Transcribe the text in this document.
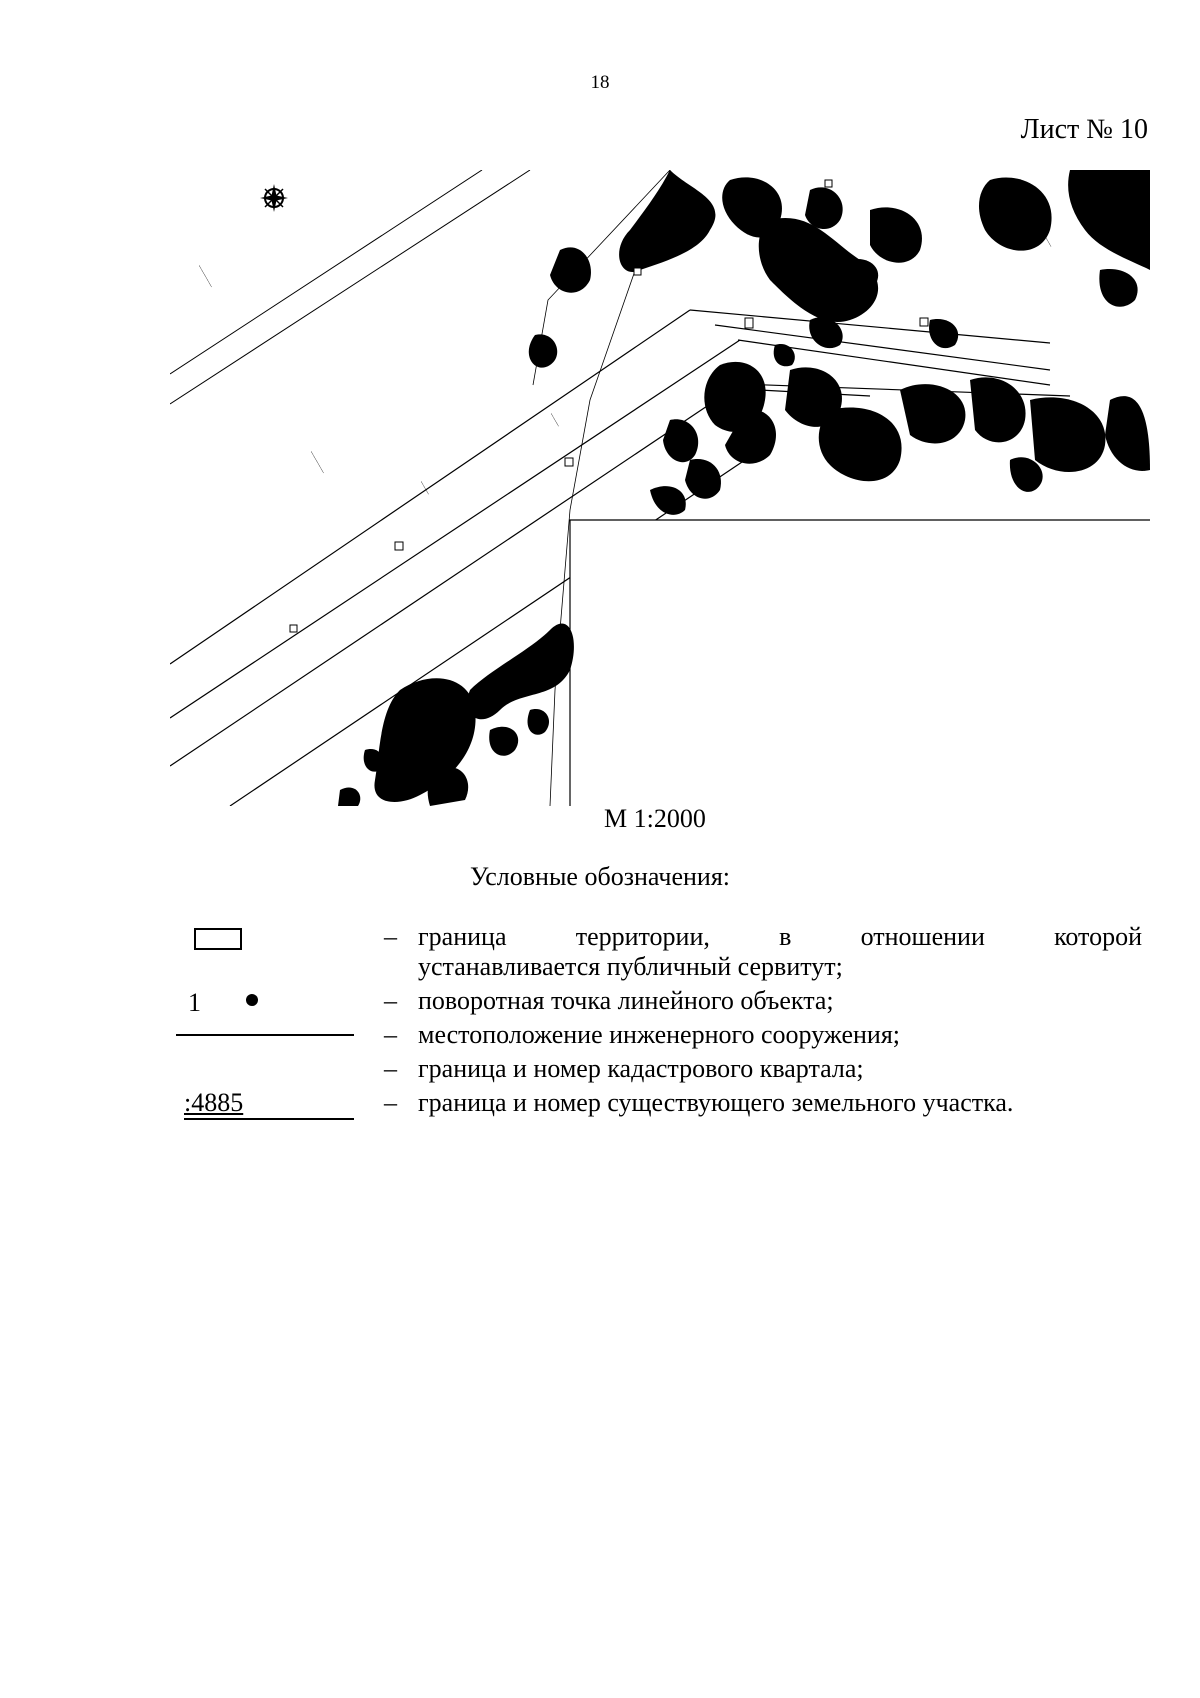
18
Лист № 10
—————
—————
———
———
————
М 1:2000
Условные обозначения:
– граница территории, в отношении которой
устанавливается публичный сервитут;
1	– поворотная точка линейного объекта;
– местоположение инженерного сооружения;
– граница и номер кадастрового квартала;
:4885	– граница и номер существующего земельного участка.
